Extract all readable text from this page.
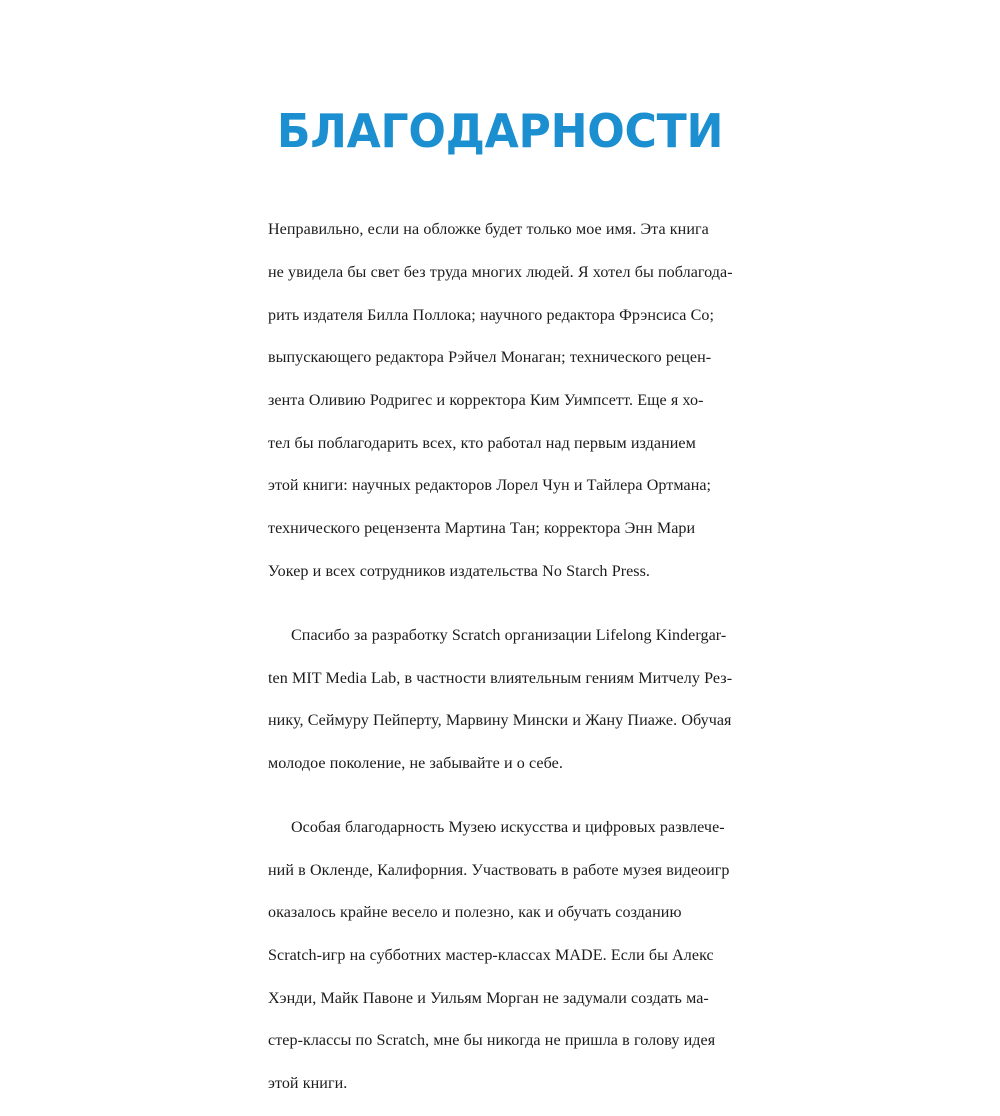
БЛАГОДАРНОСТИ

Неправильно, если на обложке будет только мое имя. Эта книга

не увидела бы свет без труда многих людей. Я хотел бы поблагода-

рить издателя Билла Поллока; научного редактора Фрэнсиса Со;

выпускающего редактора Рэйчел Монаган; технического рецен-

зента Оливию Родригес и корректора Ким Уимпсетт. Еще я хо-

тел бы поблагодарить всех, кто работал над первым изданием

этой книги: научных редакторов Лорел Чун и Тайлера Ортмана;

технического рецензента Мартина Тан; корректора Энн Мари

Уокер и всех сотрудников издательства No Starch Press.

Спасибо за разработку Scratch организации Lifelong Kindergar-

ten MIT Media Lab, в частности влиятельным гениям Митчелу Рез-

нику, Сеймуру Пейперту, Марвину Мински и Жану Пиаже. Обучая

молодое поколение, не забывайте и о себе.

Особая благодарность Музею искусства и цифровых развлече-

ний в Окленде, Калифорния. Участвовать в работе музея видеоигр

оказалось крайне весело и полезно, как и обучать созданию

Scratch-игр на субботних мастер-классах MADE. Если бы Алекс

Хэнди, Майк Павоне и Уильям Морган не задумали создать ма-

стер-классы по Scratch, мне бы никогда не пришла в голову идея

этой книги.
